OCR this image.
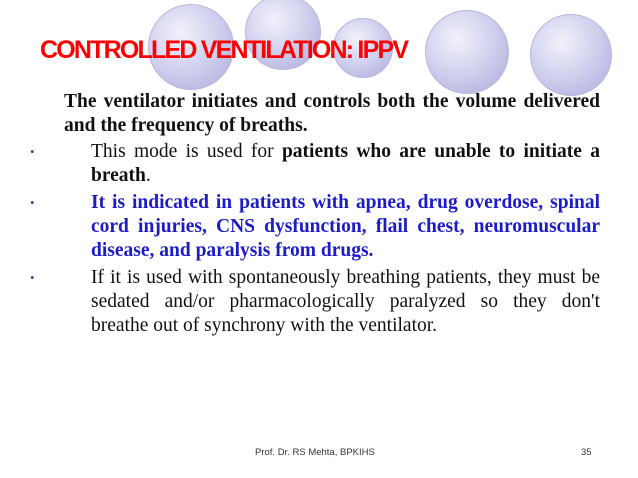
CONTROLLED VENTILATION: IPPV

The ventilator initiates and controls both the volume delivered and the frequency of breaths.

•	This mode is used for patients who are unable to initiate a breath.
•	It is indicated in patients with apnea, drug overdose, spinal cord injuries, CNS dysfunction, flail chest, neuromuscular disease, and paralysis from drugs.
•	If it is used with spontaneously breathing patients, they must be sedated and/or pharmacologically paralyzed so they don't breathe out of synchrony with the ventilator.
Prof. Dr. RS Mehta, BPKIHS	35
